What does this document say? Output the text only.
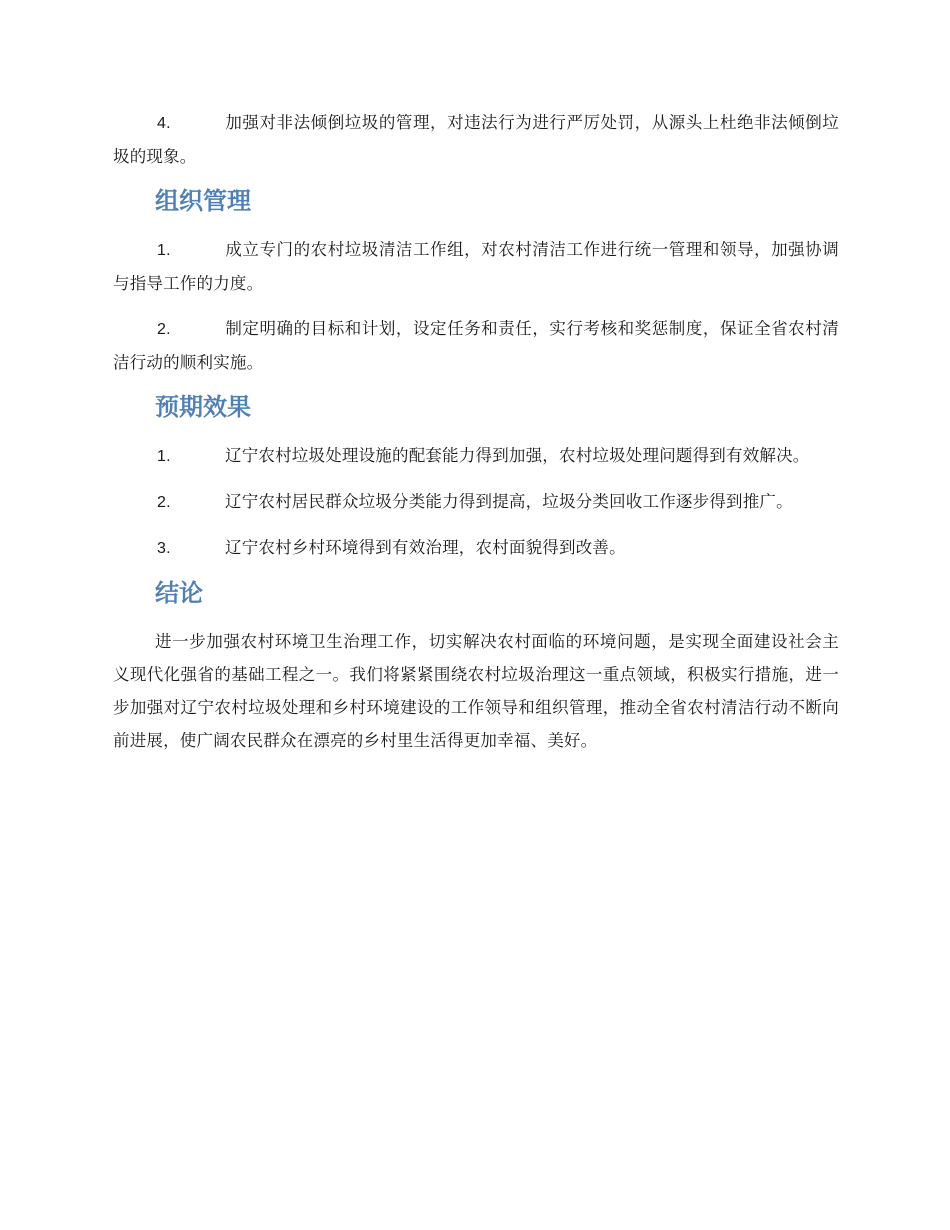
4.	加强对非法倾倒垃圾的管理，对违法行为进行严厉处罚，从源头上杜绝非法倾倒垃圾的现象。

组织管理

1.	成立专门的农村垃圾清洁工作组，对农村清洁工作进行统一管理和领导，加强协调与指导工作的力度。

2.	制定明确的目标和计划，设定任务和责任，实行考核和奖惩制度，保证全省农村清洁行动的顺利实施。

预期效果

1.	辽宁农村垃圾处理设施的配套能力得到加强，农村垃圾处理问题得到有效解决。

2.	辽宁农村居民群众垃圾分类能力得到提高，垃圾分类回收工作逐步得到推广。

3.	辽宁农村乡村环境得到有效治理，农村面貌得到改善。

结论

进一步加强农村环境卫生治理工作，切实解决农村面临的环境问题，是实现全面建设社会主义现代化强省的基础工程之一。我们将紧紧围绕农村垃圾治理这一重点领域，积极实行措施，进一步加强对辽宁农村垃圾处理和乡村环境建设的工作领导和组织管理，推动全省农村清洁行动不断向前进展，使广阔农民群众在漂亮的乡村里生活得更加幸福、美好。
